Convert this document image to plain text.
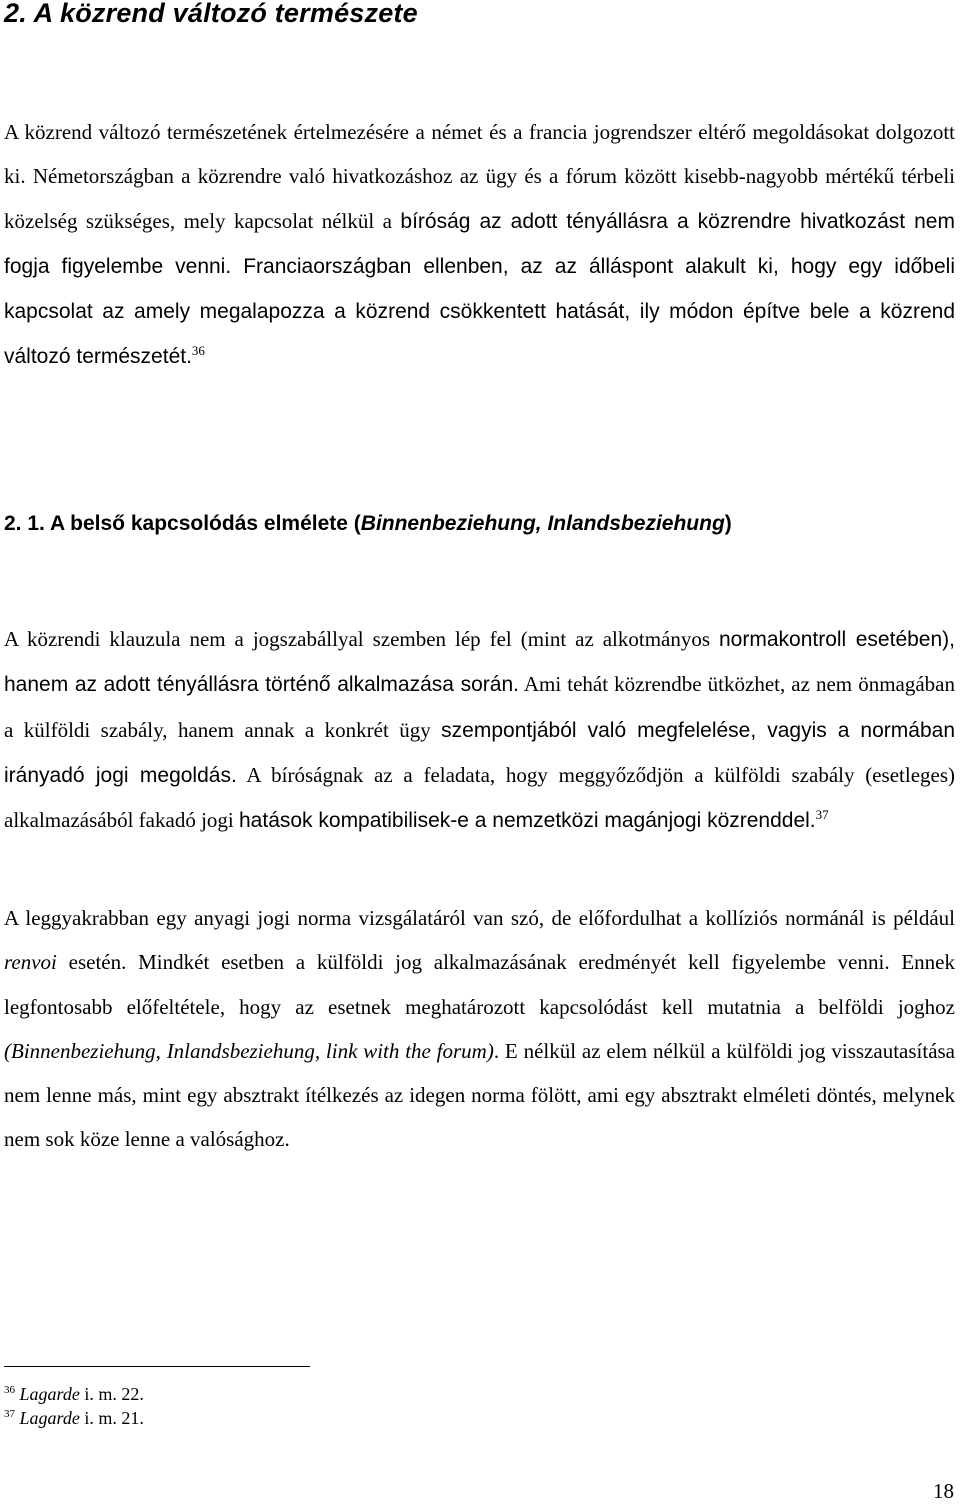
2. A közrend változó természete

A közrend változó természetének értelmezésére a német és a francia jogrendszer eltérő megoldásokat dolgozott ki. Németországban a közrendre való hivatkozáshoz az ügy és a fórum között kisebb-nagyobb mértékű térbeli közelség szükséges, mely kapcsolat nélkül a bíróság az adott tényállásra a közrendre hivatkozást nem fogja figyelembe venni. Franciaországban ellenben, az az álláspont alakult ki, hogy egy időbeli kapcsolat az amely megalapozza a közrend csökkentett hatását, ily módon építve bele a közrend változó természetét.$^{36}$

2. 1. A belső kapcsolódás elmélete (Binnenbeziehung, Inlandsbeziehung)

A közrendi klauzula nem a jogszabállyal szemben lép fel (mint az alkotmányos normakontroll esetében), hanem az adott tényállásra történő alkalmazása során. Ami tehát közrendbe ütközhet, az nem önmagában a külföldi szabály, hanem annak a konkrét ügy szempontjából való megfelelése, vagyis a normában irányadó jogi megoldás. A bíróságnak az a feladata, hogy meggyőződjön a külföldi szabály (esetleges) alkalmazásából fakadó jogi hatások kompatibilisek-e a nemzetközi magánjogi közrenddel.$^{37}$

A leggyakrabban egy anyagi jogi norma vizsgálatáról van szó, de előfordulhat a kollíziós normánál is például renvoi esetén. Mindkét esetben a külföldi jog alkalmazásának eredményét kell figyelembe venni. Ennek legfontosabb előfeltétele, hogy az esetnek meghatározott kapcsolódást kell mutatnia a belföldi joghoz (Binnenbeziehung, Inlandsbeziehung, link with the forum). E nélkül az elem nélkül a külföldi jog visszautasítása nem lenne más, mint egy absztrakt ítélkezés az idegen norma fölött, ami egy absztrakt elméleti döntés, melynek nem sok köze lenne a valósághoz.

$^{36}$ Lagarde i. m. 22.
$^{37}$ Lagarde i. m. 21.
18
